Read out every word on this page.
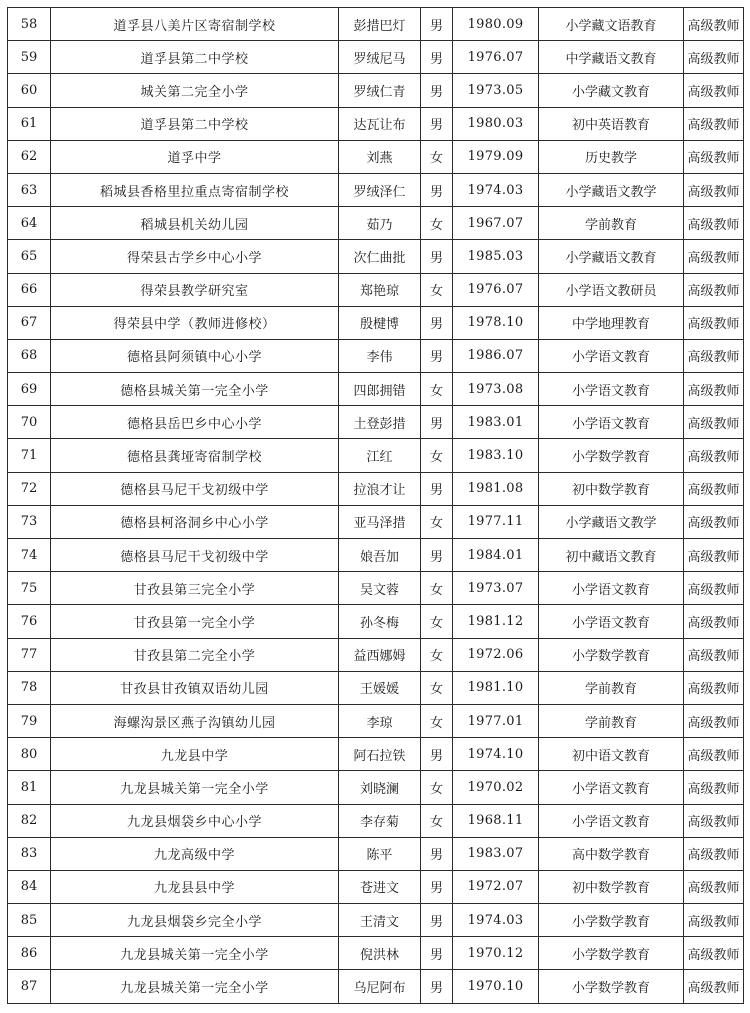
58	道孚县八美片区寄宿制学校	彭措巴灯	男	1980.09	小学藏文语教育	高级教师
59	道孚县第二中学校	罗绒尼马	男	1976.07	中学藏语文教育	高级教师
60	城关第二完全小学	罗绒仁青	男	1973.05	小学藏文教育	高级教师
61	道孚县第二中学校	达瓦让布	男	1980.03	初中英语教育	高级教师
62	道孚中学	刘燕	女	1979.09	历史教学	高级教师
63	稻城县香格里拉重点寄宿制学校	罗绒泽仁	男	1974.03	小学藏语文教学	高级教师
64	稻城县机关幼儿园	茹乃	女	1967.07	学前教育	高级教师
65	得荣县古学乡中心小学	次仁曲批	男	1985.03	小学藏语文教育	高级教师
66	得荣县教学研究室	郑艳琼	女	1976.07	小学语文教研员	高级教师
67	得荣县中学（教师进修校）	殷楗博	男	1978.10	中学地理教育	高级教师
68	德格县阿须镇中心小学	李伟	男	1986.07	小学语文教育	高级教师
69	德格县城关第一完全小学	四郎拥错	女	1973.08	小学语文教育	高级教师
70	德格县岳巴乡中心小学	土登彭措	男	1983.01	小学语文教育	高级教师
71	德格县龚垭寄宿制学校	江红	女	1983.10	小学数学教育	高级教师
72	德格县马尼干戈初级中学	拉浪才让	男	1981.08	初中数学教育	高级教师
73	德格县柯洛洞乡中心小学	亚马泽措	女	1977.11	小学藏语文教学	高级教师
74	德格县马尼干戈初级中学	娘吾加	男	1984.01	初中藏语文教育	高级教师
75	甘孜县第三完全小学	吴文蓉	女	1973.07	小学语文教育	高级教师
76	甘孜县第一完全小学	孙冬梅	女	1981.12	小学语文教育	高级教师
77	甘孜县第二完全小学	益西娜姆	女	1972.06	小学数学教育	高级教师
78	甘孜县甘孜镇双语幼儿园	王媛媛	女	1981.10	学前教育	高级教师
79	海螺沟景区燕子沟镇幼儿园	李琼	女	1977.01	学前教育	高级教师
80	九龙县中学	阿石拉铁	男	1974.10	初中语文教育	高级教师
81	九龙县城关第一完全小学	刘晓澜	女	1970.02	小学语文教育	高级教师
82	九龙县烟袋乡中心小学	李存菊	女	1968.11	小学语文教育	高级教师
83	九龙高级中学	陈平	男	1983.07	高中数学教育	高级教师
84	九龙县县中学	苍进文	男	1972.07	初中数学教育	高级教师
85	九龙县烟袋乡完全小学	王清文	男	1974.03	小学数学教育	高级教师
86	九龙县城关第一完全小学	倪洪林	男	1970.12	小学数学教育	高级教师
87	九龙县城关第一完全小学	乌尼阿布	男	1970.10	小学数学教育	高级教师
